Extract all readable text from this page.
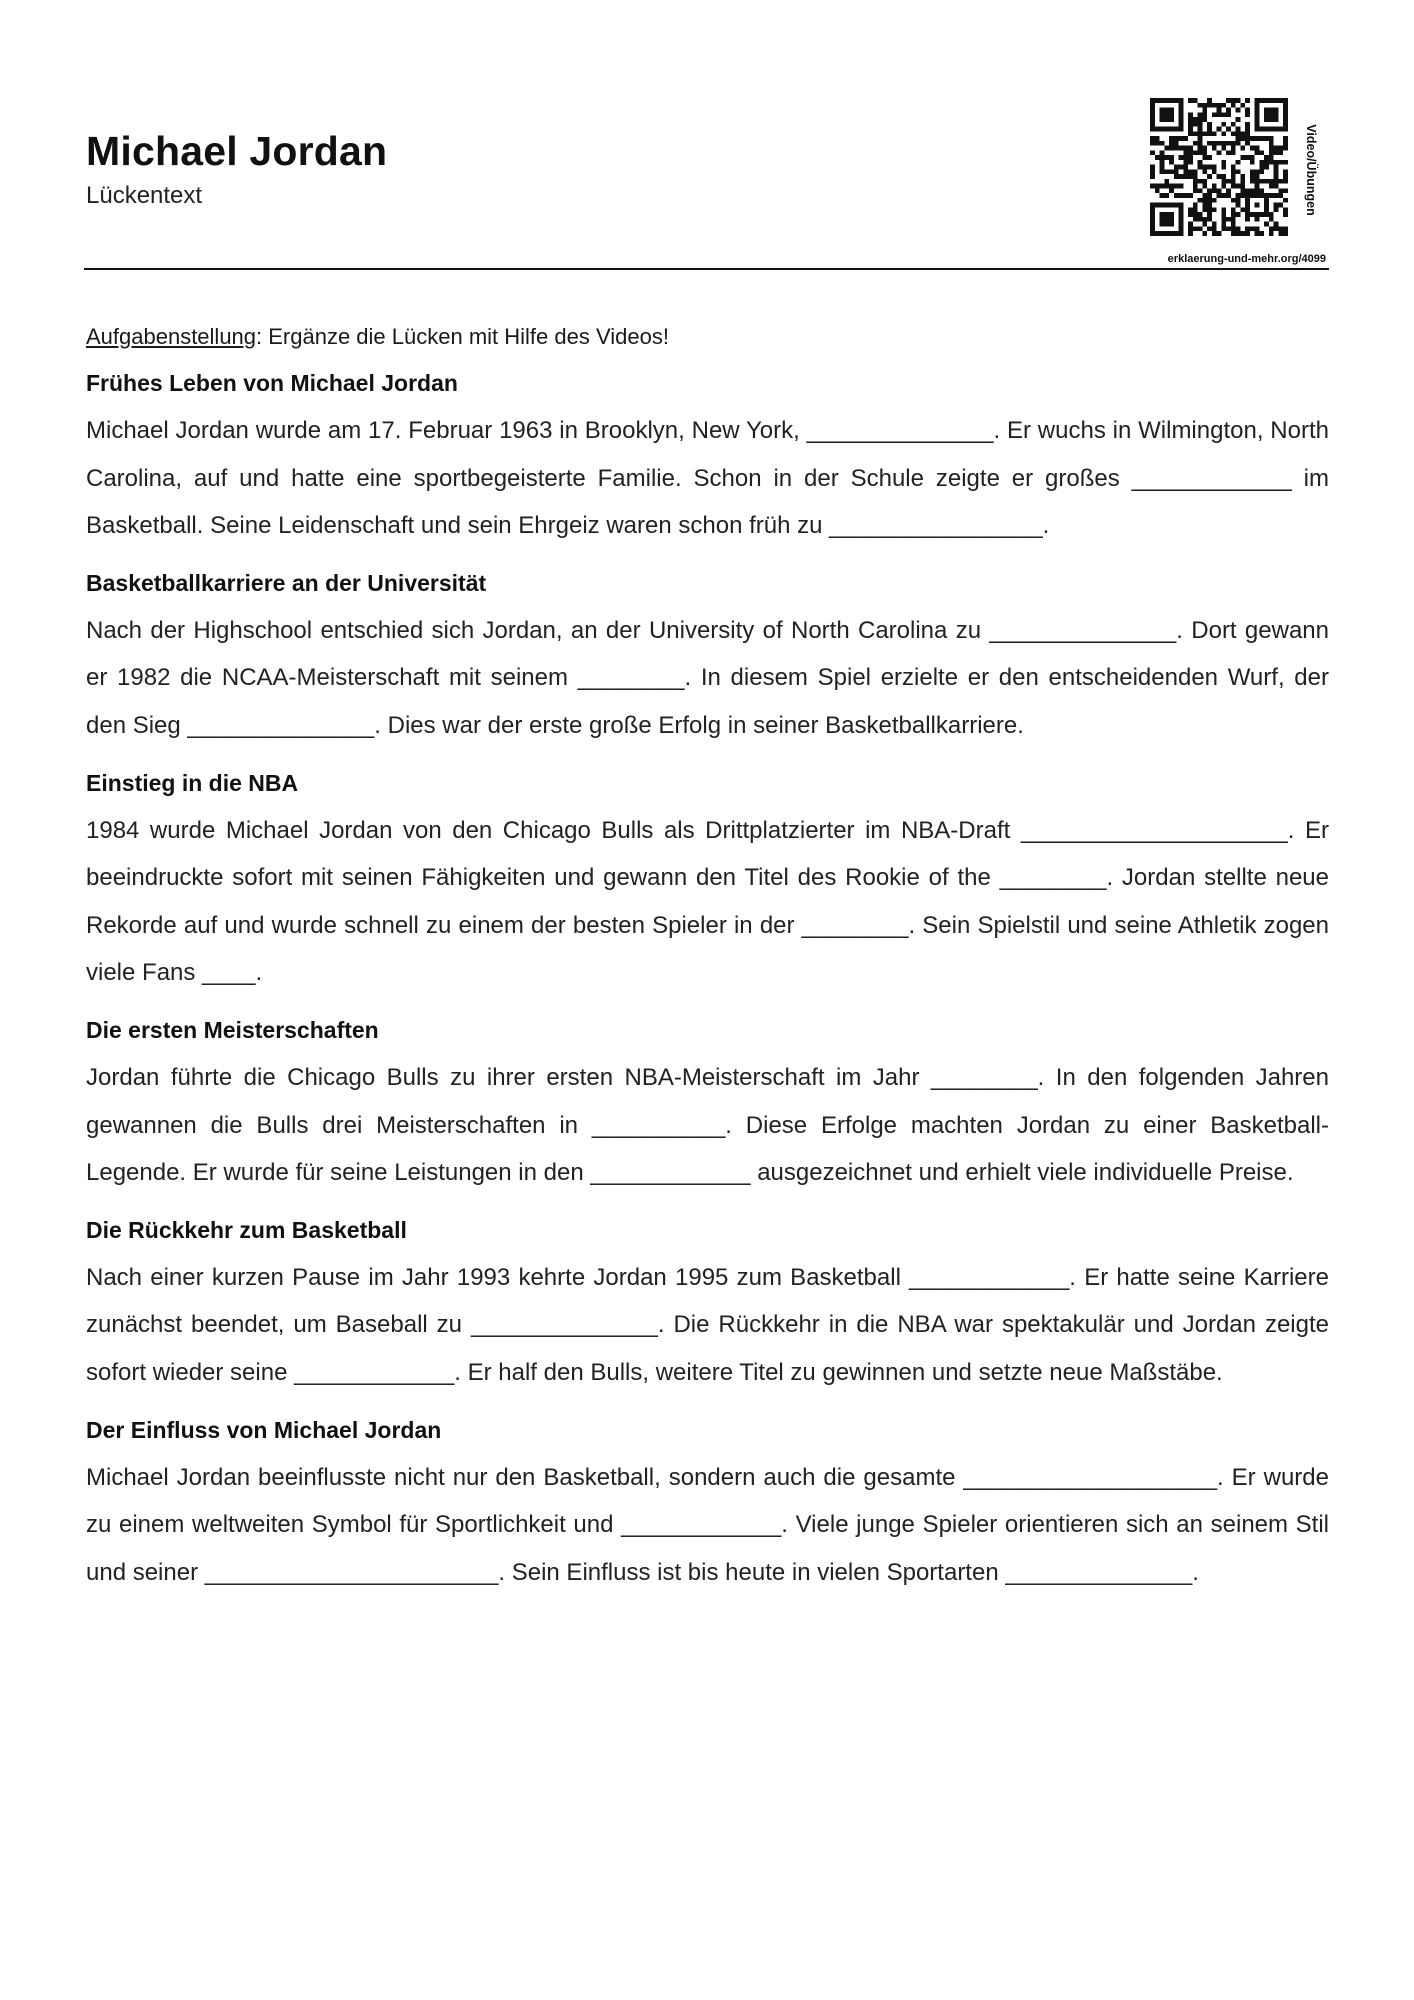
Michael Jordan
Lückentext	Video/Übungen
erklaerung-und-mehr.org/4099

Aufgabenstellung: Ergänze die Lücken mit Hilfe des Videos!

Frühes Leben von Michael Jordan

Michael Jordan wurde am 17. Februar 1963 in Brooklyn, New York, ______________. Er wuchs in Wilmington, North Carolina, auf und hatte eine sportbegeisterte Familie. Schon in der Schule zeigte er großes ____________ im Basketball. Seine Leidenschaft und sein Ehrgeiz waren schon früh zu ________________.

Basketballkarriere an der Universität

Nach der Highschool entschied sich Jordan, an der University of North Carolina zu ______________. Dort gewann er 1982 die NCAA-Meisterschaft mit seinem ________. In diesem Spiel erzielte er den entscheidenden Wurf, der den Sieg ______________. Dies war der erste große Erfolg in seiner Basketballkarriere.

Einstieg in die NBA

1984 wurde Michael Jordan von den Chicago Bulls als Drittplatzierter im NBA-Draft ____________________. Er beeindruckte sofort mit seinen Fähigkeiten und gewann den Titel des Rookie of the ________. Jordan stellte neue Rekorde auf und wurde schnell zu einem der besten Spieler in der ________. Sein Spielstil und seine Athletik zogen viele Fans ____.

Die ersten Meisterschaften

Jordan führte die Chicago Bulls zu ihrer ersten NBA-Meisterschaft im Jahr ________. In den folgenden Jahren gewannen die Bulls drei Meisterschaften in __________. Diese Erfolge machten Jordan zu einer Basketball-Legende. Er wurde für seine Leistungen in den ____________ ausgezeichnet und erhielt viele individuelle Preise.

Die Rückkehr zum Basketball

Nach einer kurzen Pause im Jahr 1993 kehrte Jordan 1995 zum Basketball ____________. Er hatte seine Karriere zunächst beendet, um Baseball zu ______________. Die Rückkehr in die NBA war spektakulär und Jordan zeigte sofort wieder seine ____________. Er half den Bulls, weitere Titel zu gewinnen und setzte neue Maßstäbe.

Der Einfluss von Michael Jordan

Michael Jordan beeinflusste nicht nur den Basketball, sondern auch die gesamte ___________________. Er wurde zu einem weltweiten Symbol für Sportlichkeit und ____________. Viele junge Spieler orientieren sich an seinem Stil und seiner ______________________. Sein Einfluss ist bis heute in vielen Sportarten ______________.
